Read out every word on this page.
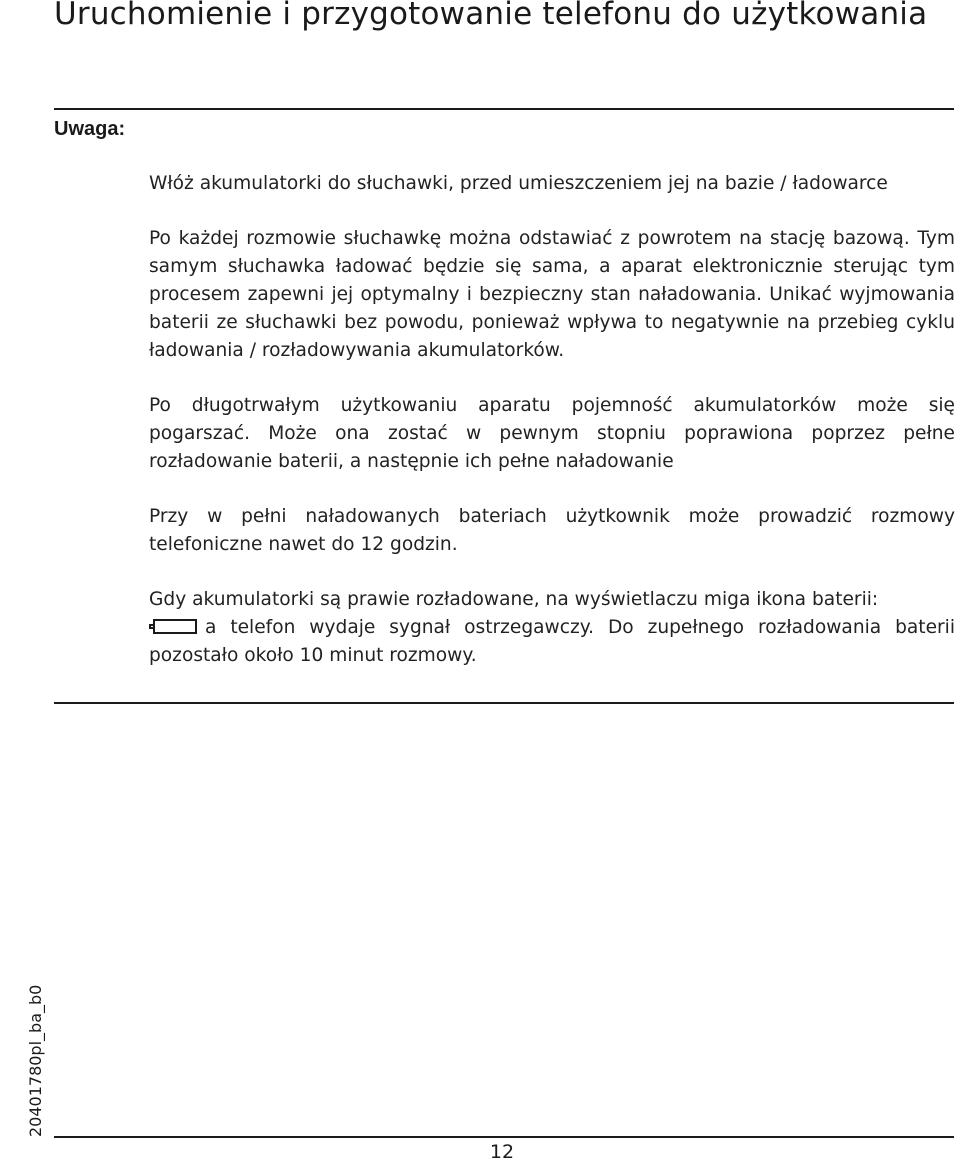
Uruchomienie i przygotowanie telefonu do użytkowania
Uwaga:

Włóż akumulatorki do słuchawki, przed umieszczeniem jej na bazie / ładowarce

Po każdej rozmowie słuchawkę można odstawiać z powrotem na stację bazową. Tym samym słuchawka ładować będzie się sama, a aparat elektronicznie sterując tym procesem zapewni jej optymalny i bezpieczny stan naładowania. Unikać wyjmowania baterii ze słuchawki bez powodu, ponieważ wpływa to negatywnie na przebieg cyklu ładowania / rozładowywania akumulatorków.

Po długotrwałym użytkowaniu aparatu pojemność akumulatorków może się pogarszać. Może ona zostać w pewnym stopniu poprawiona poprzez pełne rozładowanie baterii, a następnie ich pełne naładowanie

Przy w pełni naładowanych bateriach użytkownik może prowadzić rozmowy telefoniczne nawet do 12 godzin.

Gdy akumulatorki są prawie rozładowane, na wyświetlaczu miga ikona baterii:
a telefon wydaje sygnał ostrzegawczy. Do zupełnego rozładowania baterii pozostało około 10 minut rozmowy.

20401780pl_ba_b0
12
